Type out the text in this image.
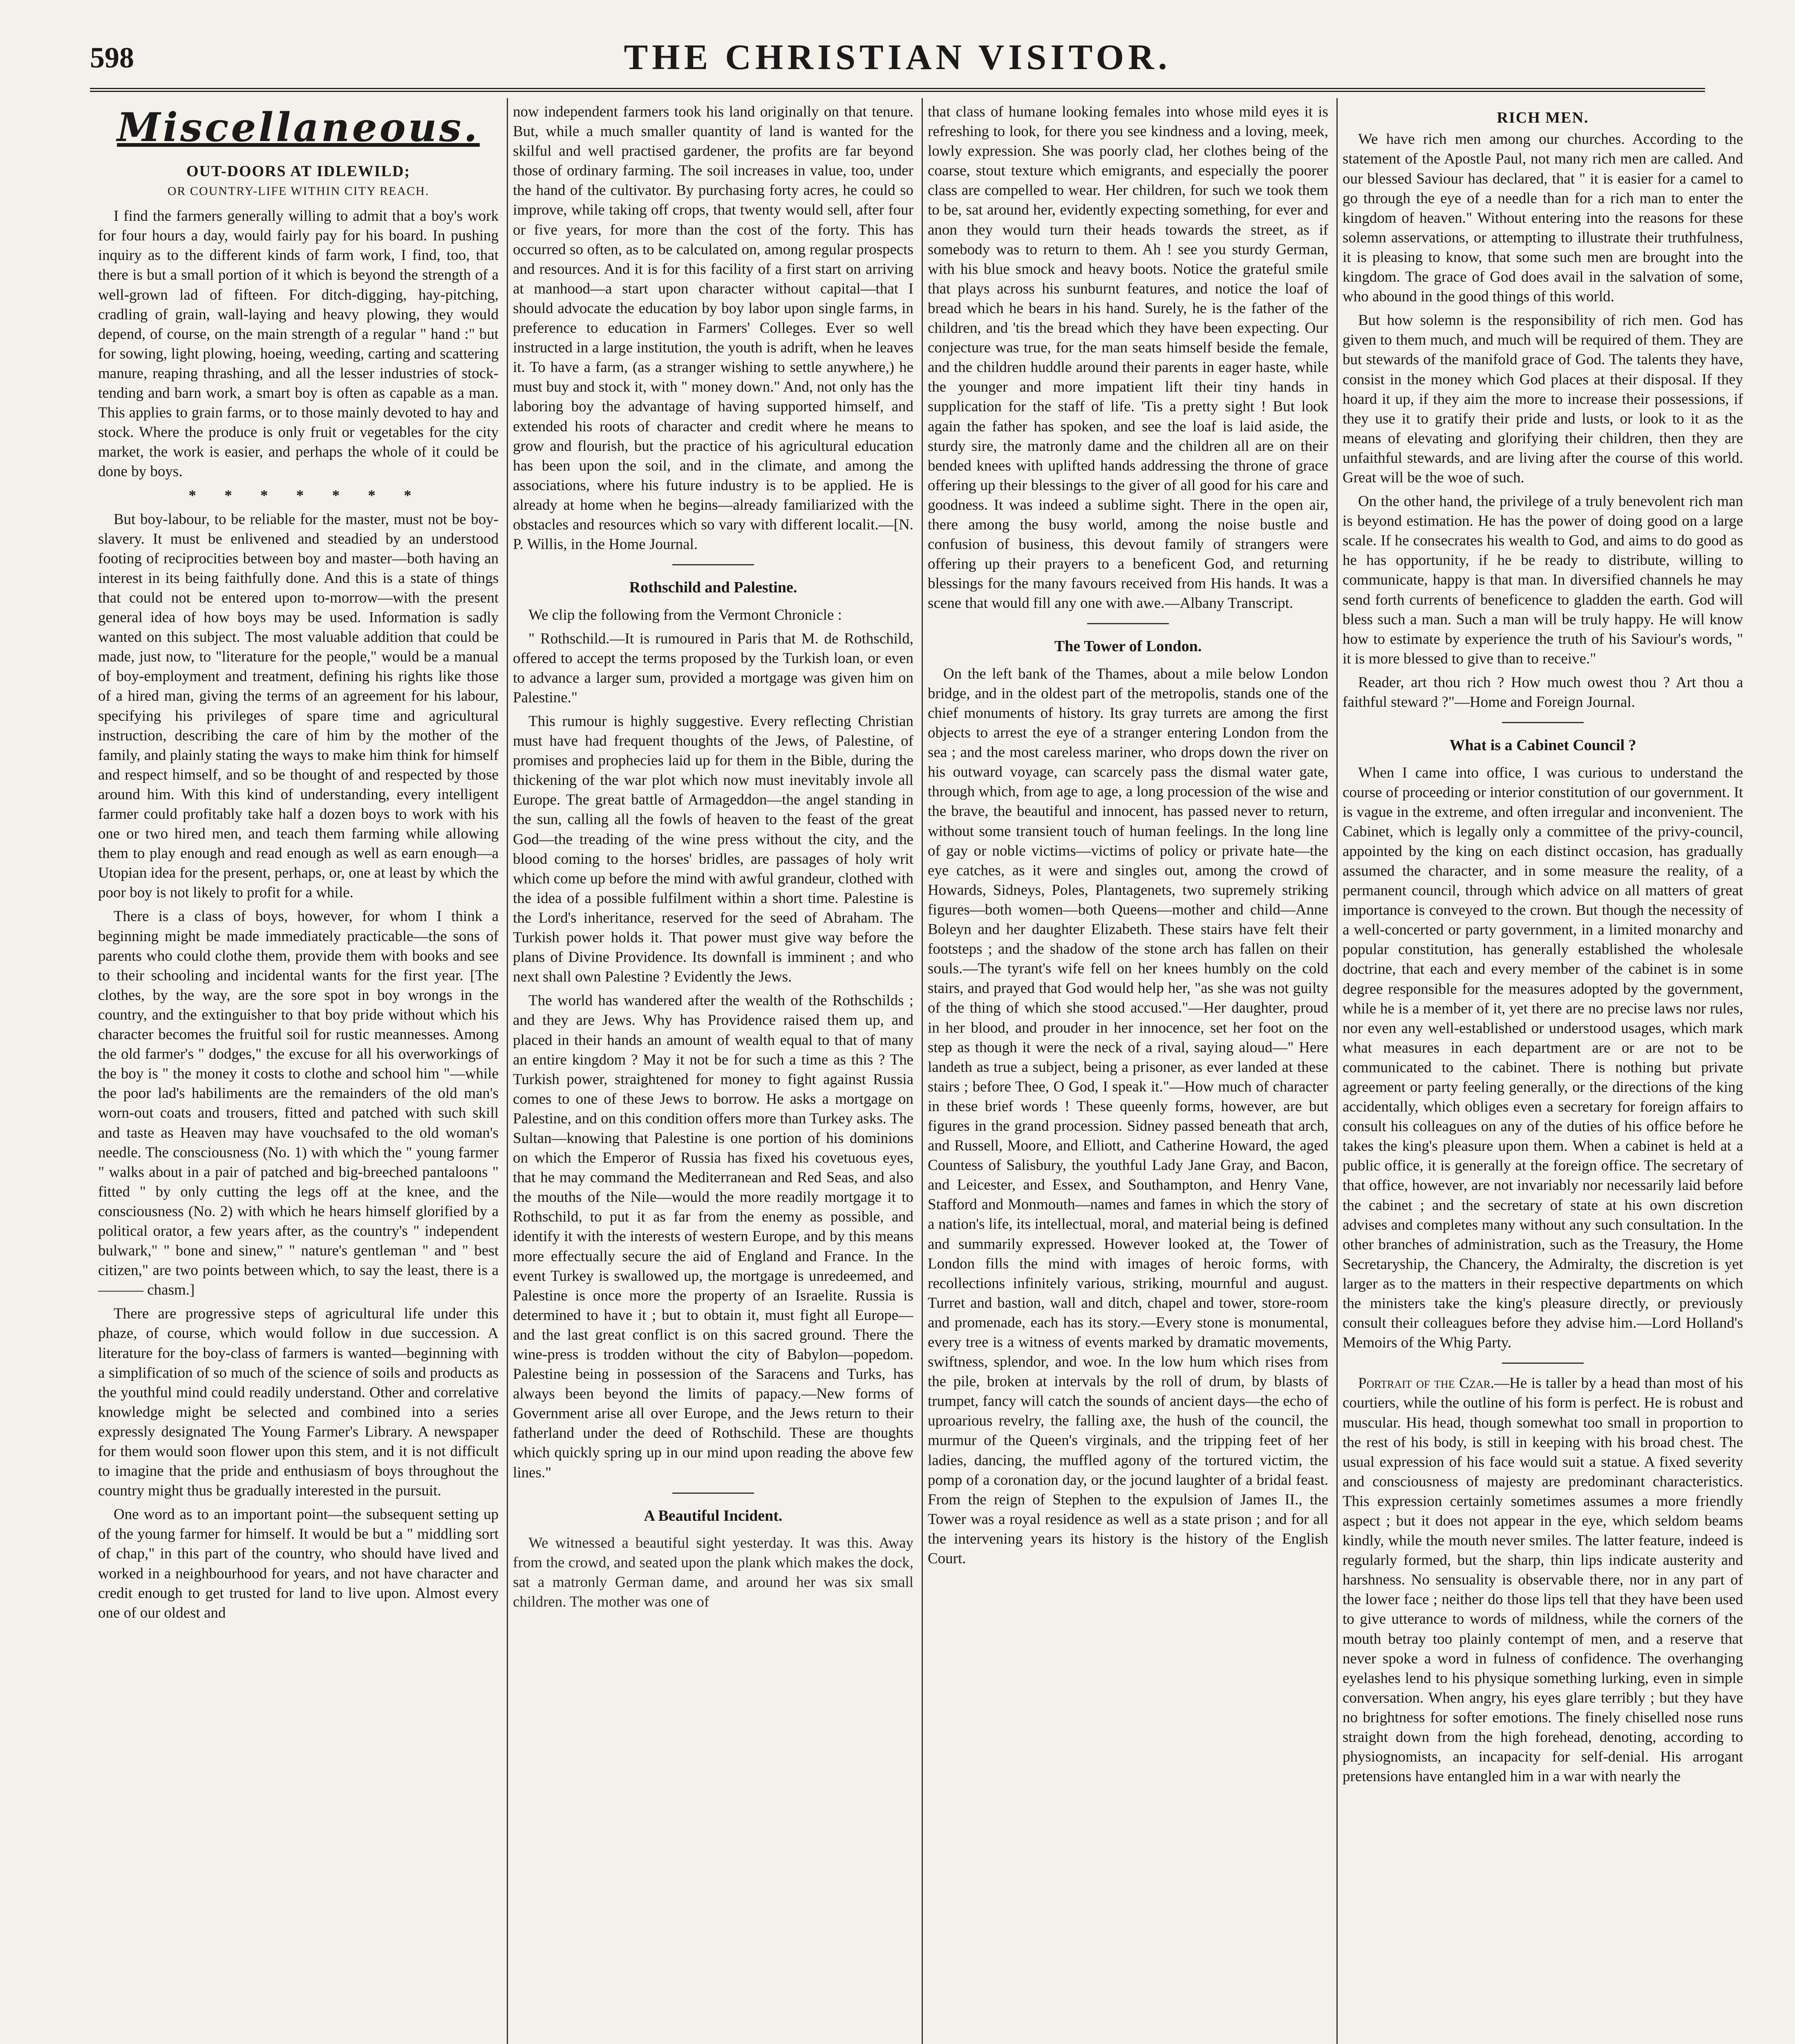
598	THE CHRISTIAN VISITOR.
Miscellaneous.
OUT-DOORS AT IDLEWILD;
OR COUNTRY-LIFE WITHIN CITY REACH.

I find the farmers generally willing to admit that a boy's work for four hours a day, would fairly pay for his board. In pushing inquiry as to the different kinds of farm work, I find, too, that there is but a small portion of it which is beyond the strength of a well-grown lad of fifteen. For ditch-digging, hay-pitching, cradling of grain, wall-laying and heavy plowing, they would depend, of course, on the main strength of a regular " hand :" but for sowing, light plowing, hoeing, weeding, carting and scattering manure, reaping thrashing, and all the lesser industries of stock-tending and barn work, a smart boy is often as capable as a man. This applies to grain farms, or to those mainly devoted to hay and stock. Where the produce is only fruit or vegetables for the city market, the work is easier, and perhaps the whole of it could be done by boys.

* * * * * * *

But boy-labour, to be reliable for the master, must not be boy-slavery. It must be enlivened and steadied by an understood footing of reciprocities between boy and master—both having an interest in its being faithfully done. And this is a state of things that could not be entered upon to-morrow—with the present general idea of how boys may be used. Information is sadly wanted on this subject. The most valuable addition that could be made, just now, to "literature for the people," would be a manual of boy-employment and treatment, defining his rights like those of a hired man, giving the terms of an agreement for his labour, specifying his privileges of spare time and agricultural instruction, describing the care of him by the mother of the family, and plainly stating the ways to make him think for himself and respect himself, and so be thought of and respected by those around him. With this kind of understanding, every intelligent farmer could profitably take half a dozen boys to work with his one or two hired men, and teach them farming while allowing them to play enough and read enough as well as earn enough—a Utopian idea for the present, perhaps, or, one at least by which the poor boy is not likely to profit for a while.

There is a class of boys, however, for whom I think a beginning might be made immediately practicable—the sons of parents who could clothe them, provide them with books and see to their schooling and incidental wants for the first year. [The clothes, by the way, are the sore spot in boy wrongs in the country, and the extinguisher to that boy pride without which his character becomes the fruitful soil for rustic meannesses. Among the old farmer's " dodges," the excuse for all his overworkings of the boy is " the money it costs to clothe and school him "—while the poor lad's habiliments are the remainders of the old man's worn-out coats and trousers, fitted and patched with such skill and taste as Heaven may have vouchsafed to the old woman's needle. The consciousness (No. 1) with which the " young farmer " walks about in a pair of patched and big-breeched pantaloons " fitted " by only cutting the legs off at the knee, and the consciousness (No. 2) with which he hears himself glorified by a political orator, a few years after, as the country's " independent bulwark," " bone and sinew," " nature's gentleman " and " best citizen," are two points between which, to say the least, there is a ——— chasm.]

There are progressive steps of agricultural life under this phaze, of course, which would follow in due succession. A literature for the boy-class of farmers is wanted—beginning with a simplification of so much of the science of soils and products as the youthful mind could readily understand. Other and correlative knowledge might be selected and combined into a series expressly designated The Young Farmer's Library. A newspaper for them would soon flower upon this stem, and it is not difficult to imagine that the pride and enthusiasm of boys throughout the country might thus be gradually interested in the pursuit.

One word as to an important point—the subsequent setting up of the young farmer for himself. It would be but a " middling sort of chap," in this part of the country, who should have lived and worked in a neighbourhood for years, and not have character and credit enough to get trusted for land to live upon. Almost every one of our oldest and

now independent farmers took his land originally on that tenure. But, while a much smaller quantity of land is wanted for the skilful and well practised gardener, the profits are far beyond those of ordinary farming. The soil increases in value, too, under the hand of the cultivator. By purchasing forty acres, he could so improve, while taking off crops, that twenty would sell, after four or five years, for more than the cost of the forty. This has occurred so often, as to be calculated on, among regular prospects and resources. And it is for this facility of a first start on arriving at manhood—a start upon character without capital—that I should advocate the education by boy labor upon single farms, in preference to education in Farmers' Colleges. Ever so well instructed in a large institution, the youth is adrift, when he leaves it. To have a farm, (as a stranger wishing to settle anywhere,) he must buy and stock it, with " money down." And, not only has the laboring boy the advantage of having supported himself, and extended his roots of character and credit where he means to grow and flourish, but the practice of his agricultural education has been upon the soil, and in the climate, and among the associations, where his future industry is to be applied. He is already at home when he begins—already familiarized with the obstacles and resources which so vary with different localit.—[N. P. Willis, in the Home Journal.

Rothschild and Palestine.

We clip the following from the Vermont Chronicle :

" Rothschild.—It is rumoured in Paris that M. de Rothschild, offered to accept the terms proposed by the Turkish loan, or even to advance a larger sum, provided a mortgage was given him on Palestine."

This rumour is highly suggestive. Every reflecting Christian must have had frequent thoughts of the Jews, of Palestine, of promises and prophecies laid up for them in the Bible, during the thickening of the war plot which now must inevitably invole all Europe. The great battle of Armageddon—the angel standing in the sun, calling all the fowls of heaven to the feast of the great God—the treading of the wine press without the city, and the blood coming to the horses' bridles, are passages of holy writ which come up before the mind with awful grandeur, clothed with the idea of a possible fulfilment within a short time. Palestine is the Lord's inheritance, reserved for the seed of Abraham. The Turkish power holds it. That power must give way before the plans of Divine Providence. Its downfall is imminent ; and who next shall own Palestine ? Evidently the Jews.

The world has wandered after the wealth of the Rothschilds ; and they are Jews. Why has Providence raised them up, and placed in their hands an amount of wealth equal to that of many an entire kingdom ? May it not be for such a time as this ? The Turkish power, straightened for money to fight against Russia comes to one of these Jews to borrow. He asks a mortgage on Palestine, and on this condition offers more than Turkey asks. The Sultan—knowing that Palestine is one portion of his dominions on which the Emperor of Russia has fixed his covetuous eyes, that he may command the Mediterranean and Red Seas, and also the mouths of the Nile—would the more readily mortgage it to Rothschild, to put it as far from the enemy as possible, and identify it with the interests of western Europe, and by this means more effectually secure the aid of England and France. In the event Turkey is swallowed up, the mortgage is unredeemed, and Palestine is once more the property of an Israelite. Russia is determined to have it ; but to obtain it, must fight all Europe—and the last great conflict is on this sacred ground. There the wine-press is trodden without the city of Babylon—popedom. Palestine being in possession of the Saracens and Turks, has always been beyond the limits of papacy.—New forms of Government arise all over Europe, and the Jews return to their fatherland under the deed of Rothschild. These are thoughts which quickly spring up in our mind upon reading the above few lines."

A Beautiful Incident.

We witnessed a beautiful sight yesterday. It was this. Away from the crowd, and seated upon the plank which makes the dock, sat a matronly German dame, and around her was six small children. The mother was one of

that class of humane looking females into whose mild eyes it is refreshing to look, for there you see kindness and a loving, meek, lowly expression. She was poorly clad, her clothes being of the coarse, stout texture which emigrants, and especially the poorer class are compelled to wear. Her children, for such we took them to be, sat around her, evidently expecting something, for ever and anon they would turn their heads towards the street, as if somebody was to return to them. Ah ! see you sturdy German, with his blue smock and heavy boots. Notice the grateful smile that plays across his sunburnt features, and notice the loaf of bread which he bears in his hand. Surely, he is the father of the children, and 'tis the bread which they have been expecting. Our conjecture was true, for the man seats himself beside the female, and the children huddle around their parents in eager haste, while the younger and more impatient lift their tiny hands in supplication for the staff of life. 'Tis a pretty sight ! But look again the father has spoken, and see the loaf is laid aside, the sturdy sire, the matronly dame and the children all are on their bended knees with uplifted hands addressing the throne of grace offering up their blessings to the giver of all good for his care and goodness. It was indeed a sublime sight. There in the open air, there among the busy world, among the noise bustle and confusion of business, this devout family of strangers were offering up their prayers to a beneficent God, and returning blessings for the many favours received from His hands. It was a scene that would fill any one with awe.—Albany Transcript.

The Tower of London.

On the left bank of the Thames, about a mile below London bridge, and in the oldest part of the metropolis, stands one of the chief monuments of history. Its gray turrets are among the first objects to arrest the eye of a stranger entering London from the sea ; and the most careless mariner, who drops down the river on his outward voyage, can scarcely pass the dismal water gate, through which, from age to age, a long procession of the wise and the brave, the beautiful and innocent, has passed never to return, without some transient touch of human feelings. In the long line of gay or noble victims—victims of policy or private hate—the eye catches, as it were and singles out, among the crowd of Howards, Sidneys, Poles, Plantagenets, two supremely striking figures—both women—both Queens—mother and child—Anne Boleyn and her daughter Elizabeth. These stairs have felt their footsteps ; and the shadow of the stone arch has fallen on their souls.—The tyrant's wife fell on her knees humbly on the cold stairs, and prayed that God would help her, "as she was not guilty of the thing of which she stood accused."—Her daughter, proud in her blood, and prouder in her innocence, set her foot on the step as though it were the neck of a rival, saying aloud—" Here landeth as true a subject, being a prisoner, as ever landed at these stairs ; before Thee, O God, I speak it."—How much of character in these brief words ! These queenly forms, however, are but figures in the grand procession. Sidney passed beneath that arch, and Russell, Moore, and Elliott, and Catherine Howard, the aged Countess of Salisbury, the youthful Lady Jane Gray, and Bacon, and Leicester, and Essex, and Southampton, and Henry Vane, Stafford and Monmouth—names and fames in which the story of a nation's life, its intellectual, moral, and material being is defined and summarily expressed. However looked at, the Tower of London fills the mind with images of heroic forms, with recollections infinitely various, striking, mournful and august. Turret and bastion, wall and ditch, chapel and tower, store-room and promenade, each has its story.—Every stone is monumental, every tree is a witness of events marked by dramatic movements, swiftness, splendor, and woe. In the low hum which rises from the pile, broken at intervals by the roll of drum, by blasts of trumpet, fancy will catch the sounds of ancient days—the echo of uproarious revelry, the falling axe, the hush of the council, the murmur of the Queen's virginals, and the tripping feet of her ladies, dancing, the muffled agony of the tortured victim, the pomp of a coronation day, or the jocund laughter of a bridal feast. From the reign of Stephen to the expulsion of James II., the Tower was a royal residence as well as a state prison ; and for all the intervening years its history is the history of the English Court.

RICH MEN.

We have rich men among our churches. According to the statement of the Apostle Paul, not many rich men are called. And our blessed Saviour has declared, that " it is easier for a camel to go through the eye of a needle than for a rich man to enter the kingdom of heaven." Without entering into the reasons for these solemn asservations, or attempting to illustrate their truthfulness, it is pleasing to know, that some such men are brought into the kingdom. The grace of God does avail in the salvation of some, who abound in the good things of this world.

But how solemn is the responsibility of rich men. God has given to them much, and much will be required of them. They are but stewards of the manifold grace of God. The talents they have, consist in the money which God places at their disposal. If they hoard it up, if they aim the more to increase their possessions, if they use it to gratify their pride and lusts, or look to it as the means of elevating and glorifying their children, then they are unfaithful stewards, and are living after the course of this world. Great will be the woe of such.

On the other hand, the privilege of a truly benevolent rich man is beyond estimation. He has the power of doing good on a large scale. If he consecrates his wealth to God, and aims to do good as he has opportunity, if he be ready to distribute, willing to communicate, happy is that man. In diversified channels he may send forth currents of beneficence to gladden the earth. God will bless such a man. Such a man will be truly happy. He will know how to estimate by experience the truth of his Saviour's words, " it is more blessed to give than to receive."

Reader, art thou rich ? How much owest thou ? Art thou a faithful steward ?"—Home and Foreign Journal.

What is a Cabinet Council ?

When I came into office, I was curious to understand the course of proceeding or interior constitution of our government. It is vague in the extreme, and often irregular and inconvenient. The Cabinet, which is legally only a committee of the privy-council, appointed by the king on each distinct occasion, has gradually assumed the character, and in some measure the reality, of a permanent council, through which advice on all matters of great importance is conveyed to the crown. But though the necessity of a well-concerted or party government, in a limited monarchy and popular constitution, has generally established the wholesale doctrine, that each and every member of the cabinet is in some degree responsible for the measures adopted by the government, while he is a member of it, yet there are no precise laws nor rules, nor even any well-established or understood usages, which mark what measures in each department are or are not to be communicated to the cabinet. There is nothing but private agreement or party feeling generally, or the directions of the king accidentally, which obliges even a secretary for foreign affairs to consult his colleagues on any of the duties of his office before he takes the king's pleasure upon them. When a cabinet is held at a public office, it is generally at the foreign office. The secretary of that office, however, are not invariably nor necessarily laid before the cabinet ; and the secretary of state at his own discretion advises and completes many without any such consultation. In the other branches of administration, such as the Treasury, the Home Secretaryship, the Chancery, the Admiralty, the discretion is yet larger as to the matters in their respective departments on which the ministers take the king's pleasure directly, or previously consult their colleagues before they advise him.—Lord Holland's Memoirs of the Whig Party.

Portrait of the Czar.—He is taller by a head than most of his courtiers, while the outline of his form is perfect. He is robust and muscular. His head, though somewhat too small in proportion to the rest of his body, is still in keeping with his broad chest. The usual expression of his face would suit a statue. A fixed severity and consciousness of majesty are predominant characteristics. This expression certainly sometimes assumes a more friendly aspect ; but it does not appear in the eye, which seldom beams kindly, while the mouth never smiles. The latter feature, indeed is regularly formed, but the sharp, thin lips indicate austerity and harshness. No sensuality is observable there, nor in any part of the lower face ; neither do those lips tell that they have been used to give utterance to words of mildness, while the corners of the mouth betray too plainly contempt of men, and a reserve that never spoke a word in fulness of confidence. The overhanging eyelashes lend to his physique something lurking, even in simple conversation. When angry, his eyes glare terribly ; but they have no brightness for softer emotions. The finely chiselled nose runs straight down from the high forehead, denoting, according to physiognomists, an incapacity for self-denial. His arrogant pretensions have entangled him in a war with nearly the
